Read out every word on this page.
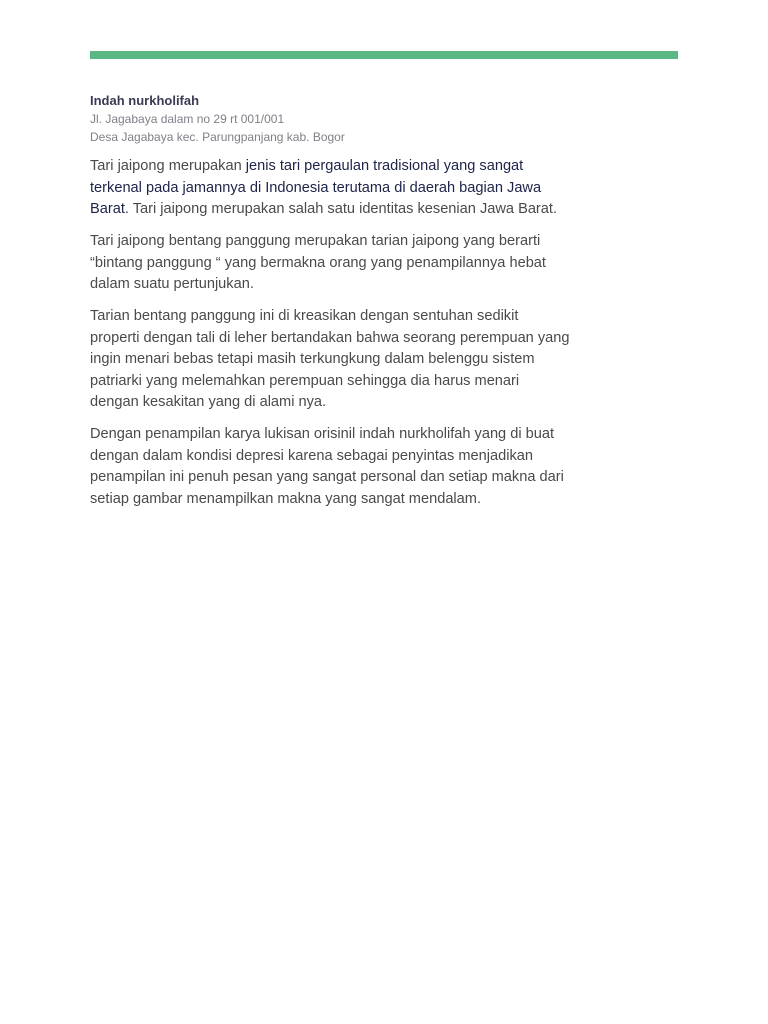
Indah nurkholifah
Jl. Jagabaya dalam no 29 rt 001/001
Desa Jagabaya kec. Parungpanjang kab. Bogor

Tari jaipong merupakan jenis tari pergaulan tradisional yang sangat terkenal pada jamannya di Indonesia terutama di daerah bagian Jawa Barat. Tari jaipong merupakan salah satu identitas kesenian Jawa Barat.

Tari jaipong bentang panggung merupakan tarian jaipong yang berarti “bintang panggung “ yang bermakna orang yang penampilannya hebat dalam suatu pertunjukan.

Tarian bentang panggung ini di kreasikan dengan sentuhan sedikit properti dengan tali di leher bertandakan bahwa seorang perempuan yang ingin menari bebas tetapi masih terkungkung dalam belenggu sistem patriarki yang melemahkan perempuan sehingga dia harus menari dengan kesakitan yang di alami nya.

Dengan penampilan karya lukisan orisinil indah nurkholifah yang di buat dengan dalam kondisi depresi karena sebagai penyintas menjadikan penampilan ini penuh pesan yang sangat personal dan setiap makna dari setiap gambar menampilkan makna yang sangat mendalam.
